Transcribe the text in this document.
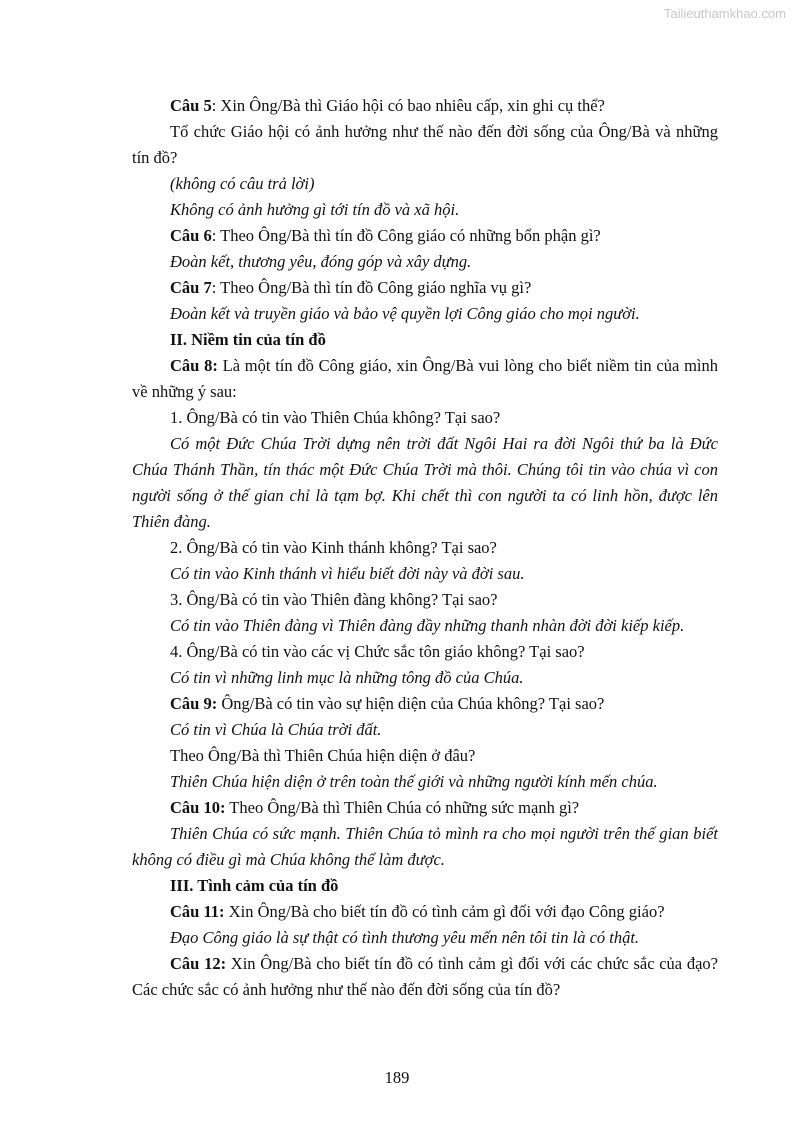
Tailieuthamkhao.com

Câu 5: Xin Ông/Bà thì Giáo hội có bao nhiêu cấp, xin ghi cụ thể?

Tổ chức Giáo hội có ảnh hưởng như thế nào đến đời sống của Ông/Bà và những tín đồ?

(không có câu trả lời)

Không có ảnh hưởng gì tới tín đồ và xã hội.

Câu 6: Theo Ông/Bà thì tín đồ Công giáo có những bổn phận gì?

Đoàn kết, thương yêu, đóng góp và xây dựng.

Câu 7: Theo Ông/Bà thì tín đồ Công giáo nghĩa vụ gì?

Đoàn kết và truyền giáo và bảo vệ quyền lợi Công giáo cho mọi người.

II. Niềm tin của tín đồ

Câu 8: Là một tín đồ Công giáo, xin Ông/Bà vui lòng cho biết niềm tin của mình về những ý sau:

1. Ông/Bà có tin vào Thiên Chúa không? Tại sao?

Có một Đức Chúa Trời dựng nên trời đất Ngôi Hai ra đời Ngôi thứ ba là Đức Chúa Thánh Thần, tín thác một Đức Chúa Trời mà thôi. Chúng tôi tin vào chúa vì con người sống ở thế gian chỉ là tạm bợ. Khi chết thì con người ta có linh hồn, được lên Thiên đàng.

2. Ông/Bà có tin vào Kinh thánh không? Tại sao?

Có tin vào Kinh thánh vì hiểu biết đời này và đời sau.

3. Ông/Bà có tin vào Thiên đàng không? Tại sao?

Có tin vào Thiên đàng vì Thiên đàng đầy những thanh nhàn đời đời kiếp kiếp.

4. Ông/Bà có tin vào các vị Chức sắc tôn giáo không? Tại sao?

Có tin vì những linh mục là những tông đồ của Chúa.

Câu 9: Ông/Bà có tin vào sự hiện diện của Chúa không? Tại sao?

Có tin vì Chúa là Chúa trời đất.

Theo Ông/Bà thì Thiên Chúa hiện diện ở đâu?

Thiên Chúa hiện diện ở trên toàn thế giới và những người kính mến chúa.

Câu 10: Theo Ông/Bà thì Thiên Chúa có những sức mạnh gì?

Thiên Chúa có sức mạnh. Thiên Chúa tỏ mình ra cho mọi người trên thế gian biết không có điều gì mà Chúa không thể làm được.

III. Tình cảm của tín đồ

Câu 11: Xin Ông/Bà cho biết tín đồ có tình cảm gì đối với đạo Công giáo?

Đạo Công giáo là sự thật có tình thương yêu mến nên tôi tin là có thật.

Câu 12: Xin Ông/Bà cho biết tín đồ có tình cảm gì đối với các chức sắc của đạo? Các chức sắc có ảnh hưởng như thế nào đến đời sống của tín đồ?

189
